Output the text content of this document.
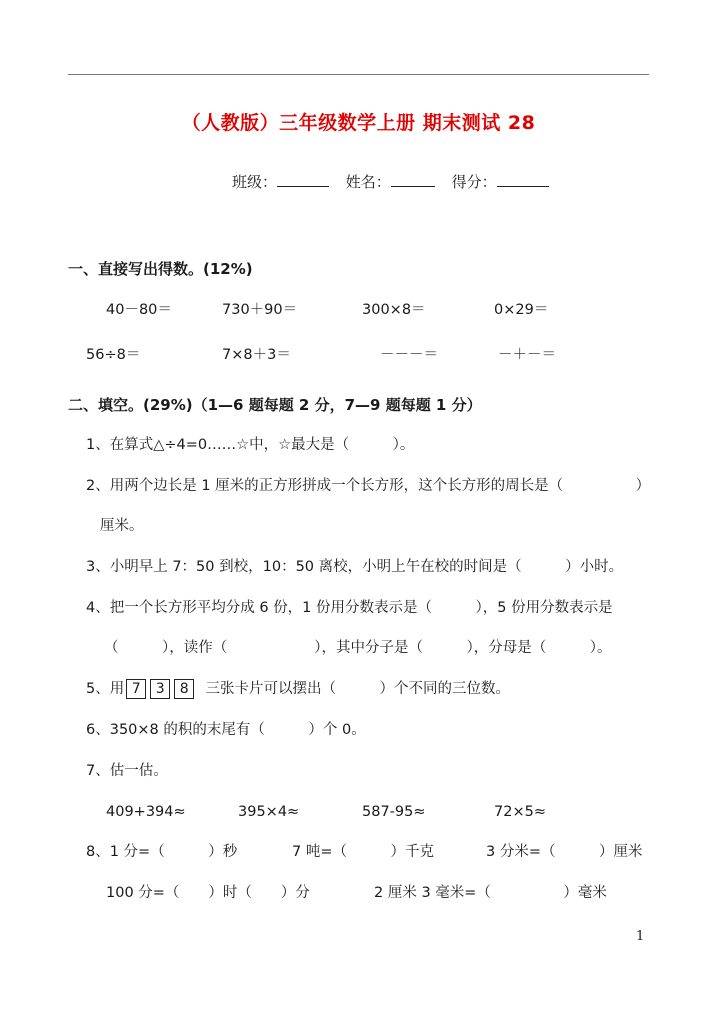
（人教版）三年级数学上册 期末测试 28
班级：	姓名：	得分：
一、直接写出得数。(12%)
40－80＝	730＋90＝	300×8＝	0×29＝
56÷8＝	7×8＋3＝	－－－＝	－＋－＝
二、填空。(29%)（1—6 题每题 2 分，7—9 题每题 1 分）
1、在算式△÷4=0……☆中，☆最大是（　　　）。
2、用两个边长是 1 厘米的正方形拼成一个长方形，这个长方形的周长是（　　　　　）
厘米。
3、小明早上 7：50 到校，10：50 离校，小明上午在校的时间是（　　　）小时。
4、把一个长方形平均分成 6 份，1 份用分数表示是（　　　），5 份用分数表示是
（　　　），读作（　　　　　　），其中分子是（　　　），分母是（　　　）。
5、用 7 3 8 三张卡片可以摆出（　　　）个不同的三位数。
6、350×8 的积的末尾有（　　　）个 0。
7、估一估。
409+394≈	395×4≈	587-95≈	72×5≈
8、1 分=（　　　）秒	7 吨=（　　　）千克	3 分米=（　　　）厘米
100 分=（　　）时（　　）分	2 厘米 3 毫米=（　　　　　）毫米
1
